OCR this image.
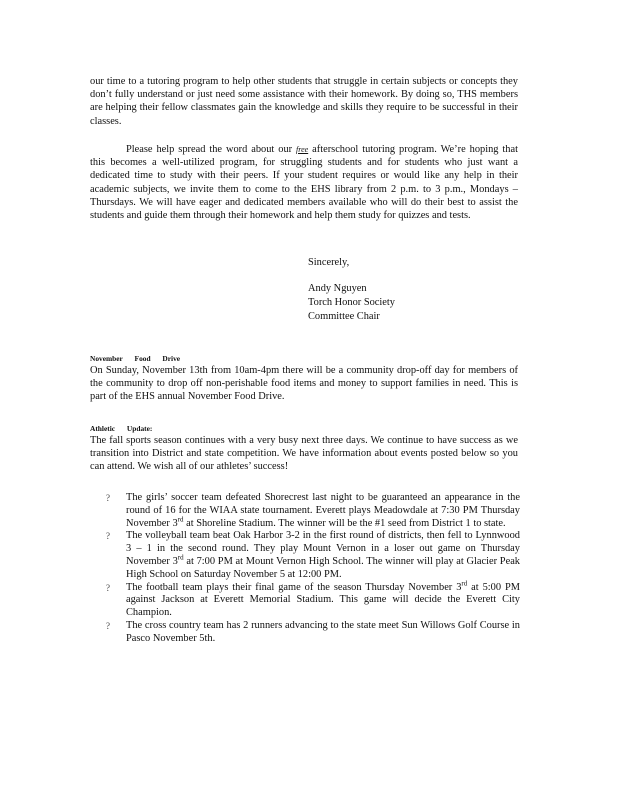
our time to a tutoring program to help other students that struggle in certain subjects or concepts they don’t fully understand or just need some assistance with their homework. By doing so, THS members are helping their fellow classmates gain the knowledge and skills they require to be successful in their classes.

Please help spread the word about our free afterschool tutoring program. We’re hoping that this becomes a well-utilized program, for struggling students and for students who just want a dedicated time to study with their peers. If your student requires or would like any help in their academic subjects, we invite them to come to the EHS library from 2 p.m. to 3 p.m., Mondays – Thursdays. We will have eager and dedicated members available who will do their best to assist the students and guide them through their homework and help them study for quizzes and tests.

Sincerely,
Andy Nguyen
Torch Honor Society
Committee Chair
November Food Drive

On Sunday, November 13th from 10am-4pm there will be a community drop-off day for members of the community to drop off non-perishable food items and money to support families in need. This is part of the EHS annual November Food Drive.

Athletic Update:

The fall sports season continues with a very busy next three days. We continue to have success as we transition into District and state competition. We have information about events posted below so you can attend. We wish all of our athletes’ success!

? The girls’ soccer team defeated Shorecrest last night to be guaranteed an appearance in the round of 16 for the WIAA state tournament. Everett plays Meadowdale at 7:30 PM Thursday November 3rd at Shoreline Stadium. The winner will be the #1 seed from District 1 to state.
? The volleyball team beat Oak Harbor 3-2 in the first round of districts, then fell to Lynnwood 3 – 1 in the second round. They play Mount Vernon in a loser out game on Thursday November 3rd at 7:00 PM at Mount Vernon High School. The winner will play at Glacier Peak High School on Saturday November 5 at 12:00 PM.
? The football team plays their final game of the season Thursday November 3rd at 5:00 PM against Jackson at Everett Memorial Stadium. This game will decide the Everett City Champion.
? The cross country team has 2 runners advancing to the state meet Sun Willows Golf Course in Pasco November 5th.
